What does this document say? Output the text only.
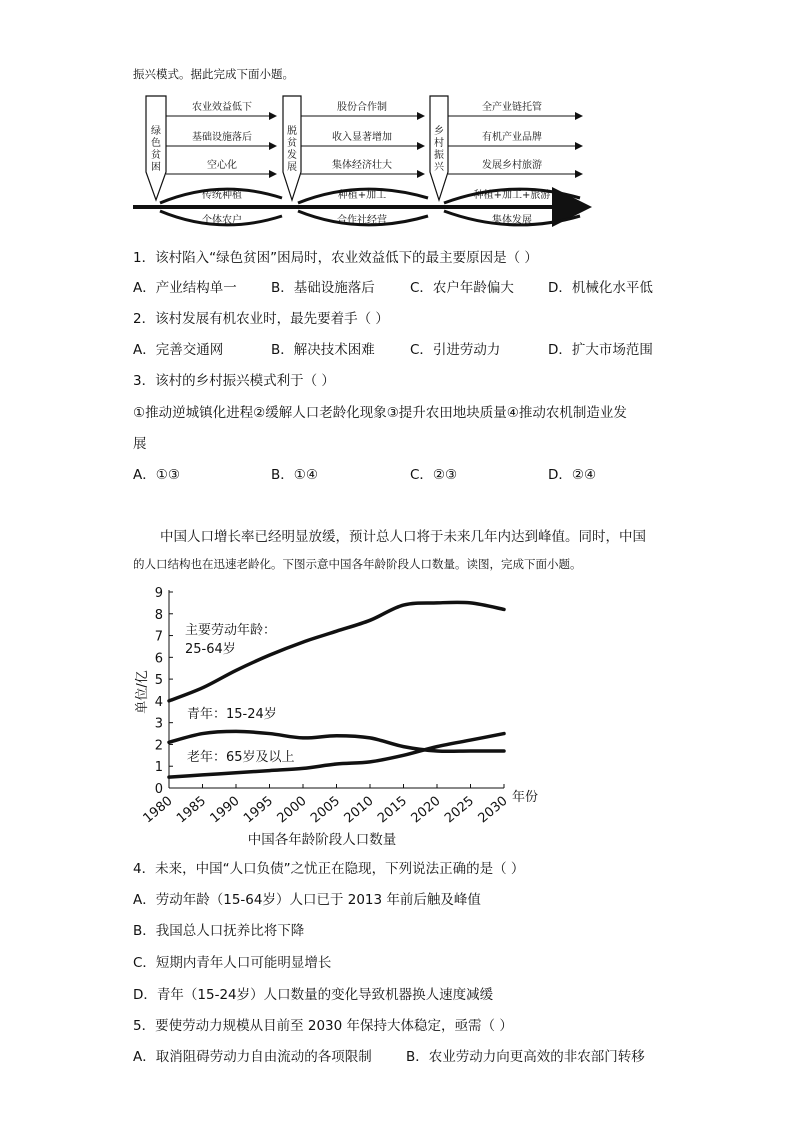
振兴模式。据此完成下面小题。
绿
色
贫
困
脱
贫
发
展
乡
村
振
兴
农业效益低下
基础设施落后
空心化
股份合作制
收入显著增加
集体经济壮大
全产业链托管
有机产业品牌
发展乡村旅游
传统种植	种植+加工	种植+加工+旅游
个体农户	合作社经营	集体发展
1．该村陷入“绿色贫困”困局时，农业效益低下的最主要原因是（ ）
A．产业结构单一	B．基础设施落后	C．农户年龄偏大	D．机械化水平低
2．该村发展有机农业时，最先要着手（ ）
A．完善交通网	B．解决技术困难	C．引进劳动力	D．扩大市场范围
3．该村的乡村振兴模式利于（ ）
①推动逆城镇化进程②缓解人口老龄化现象③提升农田地块质量④推动农机制造业发
展
A．①③	B．①④	C．②③	D．②④
中国人口增长率已经明显放缓，预计总人口将于未来几年内达到峰值。同时，中国
的人口结构也在迅速老龄化。下图示意中国各年龄阶段人口数量。读图，完成下面小题。
0
1
2
3
4
5
6
7
8
9
1980
1985
1990
1995
2000
2005
2010
2015
2020
2025
2030
单位/亿
年份
中国各年龄阶段人口数量
主要劳动年龄：
25-64岁
青年：15-24岁
老年：65岁及以上
4．未来，中国“人口负债”之忧正在隐现，下列说法正确的是（ ）
A．劳动年龄（15-64岁）人口已于 2013 年前后触及峰值
B．我国总人口抚养比将下降
C．短期内青年人口可能明显增长
D．青年（15-24岁）人口数量的变化导致机器换人速度减缓
5．要使劳动力规模从目前至 2030 年保持大体稳定，亟需（ ）
A．取消阻碍劳动力自由流动的各项限制	B．农业劳动力向更高效的非农部门转移
